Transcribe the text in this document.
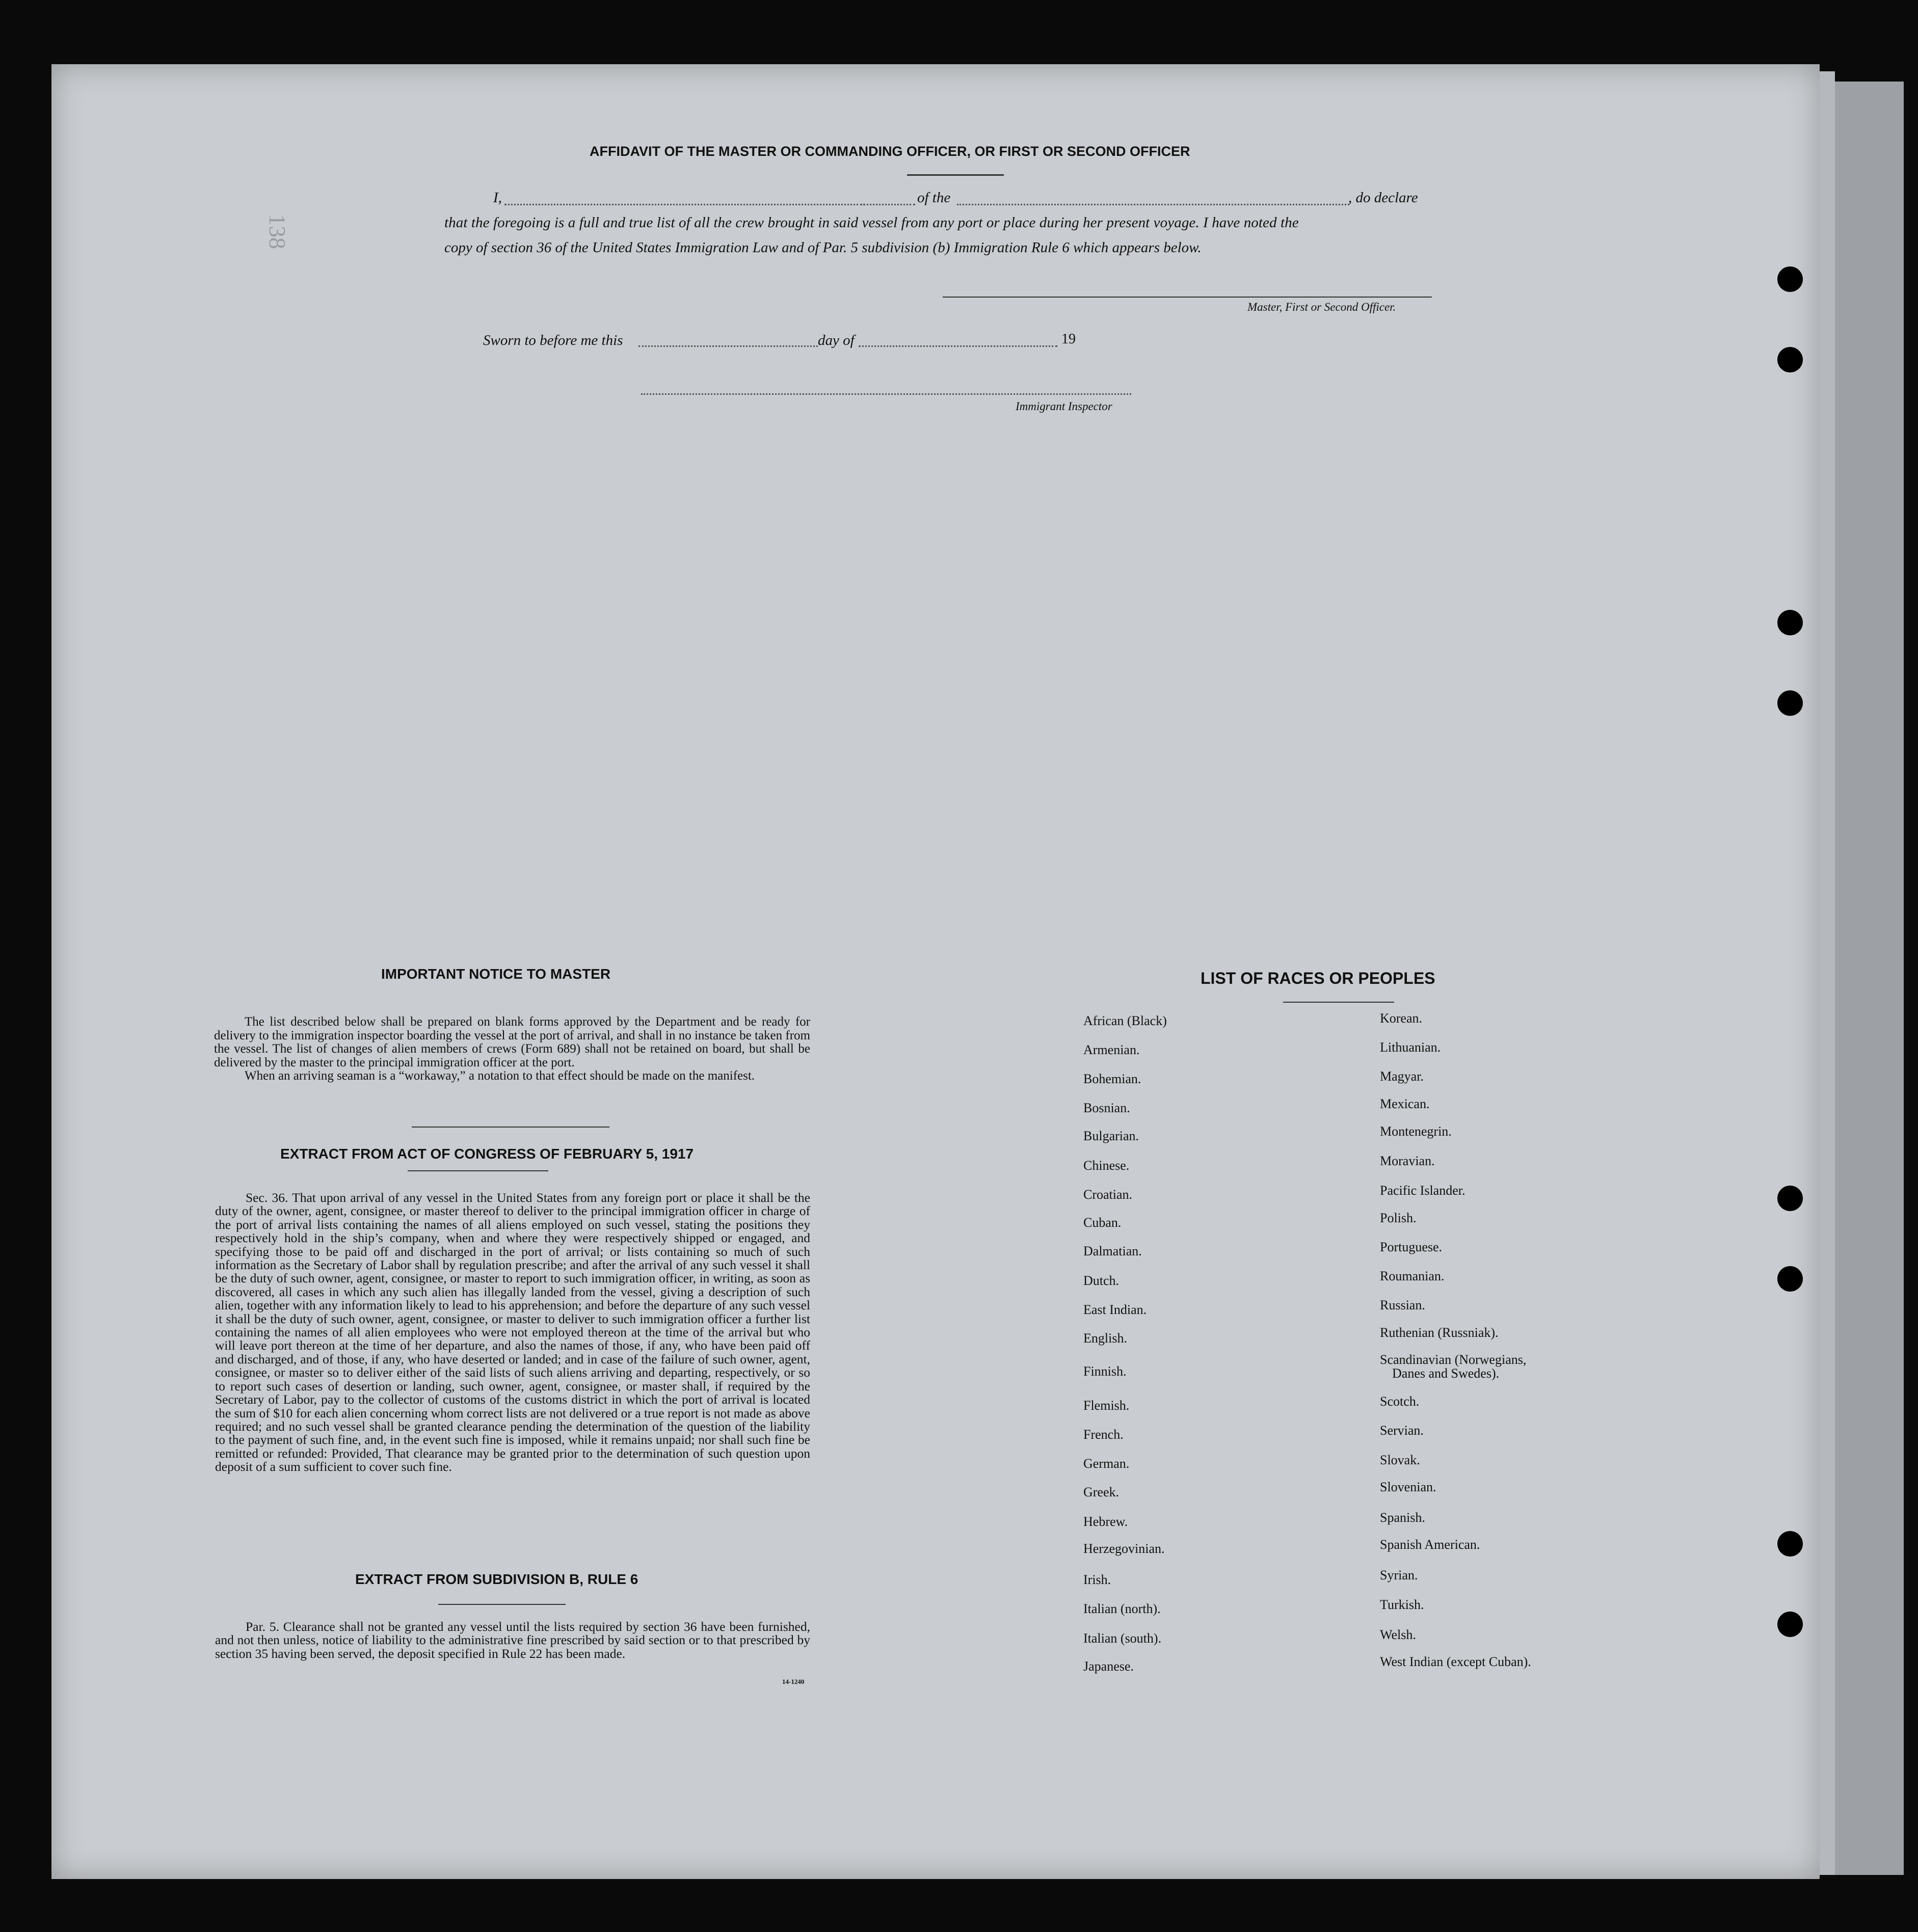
138
AFFIDAVIT OF THE MASTER OR COMMANDING OFFICER, OR FIRST OR SECOND OFFICER
I,	of the	, do declare
that the foregoing is a full and true list of all the crew brought in said vessel from any port or place during her present voyage. I have noted the
copy of section 36 of the United States Immigration Law and of Par. 5 subdivision (b) Immigration Rule 6 which appears below.
Master, First or Second Officer.
Sworn to before me this	day of	19
Immigrant Inspector
IMPORTANT NOTICE TO MASTER

The list described below shall be prepared on blank forms approved by the Department and be ready for delivery to the immigration inspector boarding the vessel at the port of arrival, and shall in no instance be taken from the vessel. The list of changes of alien members of crews (Form 689) shall not be retained on board, but shall be delivered by the master to the principal immigration officer at the port.

When an arriving seaman is a “workaway,” a notation to that effect should be made on the manifest.

EXTRACT FROM ACT OF CONGRESS OF FEBRUARY 5, 1917

Sec. 36. That upon arrival of any vessel in the United States from any foreign port or place it shall be the duty of the owner, agent, consignee, or master thereof to deliver to the principal immigration officer in charge of the port of arrival lists containing the names of all aliens employed on such vessel, stating the positions they respectively hold in the ship’s company, when and where they were respectively shipped or engaged, and specifying those to be paid off and discharged in the port of arrival; or lists containing so much of such information as the Secretary of Labor shall by regulation prescribe; and after the arrival of any such vessel it shall be the duty of such owner, agent, consignee, or master to report to such immigration officer, in writing, as soon as discovered, all cases in which any such alien has illegally landed from the vessel, giving a description of such alien, together with any information likely to lead to his apprehension; and before the departure of any such vessel it shall be the duty of such owner, agent, consignee, or master to deliver to such immigration officer a further list containing the names of all alien employees who were not employed thereon at the time of the arrival but who will leave port thereon at the time of her departure, and also the names of those, if any, who have been paid off and discharged, and of those, if any, who have deserted or landed; and in case of the failure of such owner, agent, consignee, or master so to deliver either of the said lists of such aliens arriving and departing, respectively, or so to report such cases of desertion or landing, such owner, agent, consignee, or master shall, if required by the Secretary of Labor, pay to the collector of customs of the customs district in which the port of arrival is located the sum of $10 for each alien concerning whom correct lists are not delivered or a true report is not made as above required; and no such vessel shall be granted clearance pending the determination of the question of the liability to the payment of such fine, and, in the event such fine is imposed, while it remains unpaid; nor shall such fine be remitted or refunded: Provided, That clearance may be granted prior to the determination of such question upon deposit of a sum sufficient to cover such fine.

EXTRACT FROM SUBDIVISION B, RULE 6

Par. 5. Clearance shall not be granted any vessel until the lists required by section 36 have been furnished, and not then unless, notice of liability to the administrative fine prescribed by said section or to that prescribed by section 35 having been served, the deposit specified in Rule 22 has been made.

14-1240
LIST OF RACES OR PEOPLES
African (Black)
Armenian.
Bohemian.
Bosnian.
Bulgarian.
Chinese.
Croatian.
Cuban.
Dalmatian.
Dutch.
East Indian.
English.
Finnish.
Flemish.
French.
German.
Greek.
Hebrew.
Herzegovinian.
Irish.
Italian (north).
Italian (south).
Japanese.
Korean.
Lithuanian.
Magyar.
Mexican.
Montenegrin.
Moravian.
Pacific Islander.
Polish.
Portuguese.
Roumanian.
Russian.
Ruthenian (Russniak).
Scandinavian (Norwegians,
Danes and Swedes).
Scotch.
Servian.
Slovak.
Slovenian.
Spanish.
Spanish American.
Syrian.
Turkish.
Welsh.
West Indian (except Cuban).
